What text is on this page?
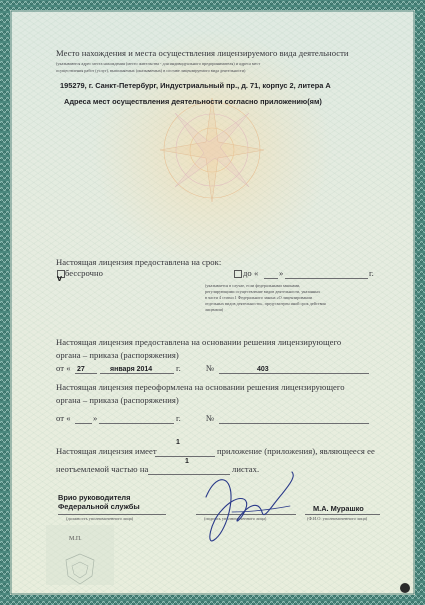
Место нахождения и места осуществления лицензируемого вида деятельности
(указываются адрес места нахождения (место жительства - для индивидуального предпринимателя) и адреса мест
осуществления работ (услуг), выполняемых (оказываемых) в составе лицензируемого вида деятельности)
195279, г. Санкт-Петербург, Индустриальный пр., д. 71, корпус 2, литера А
Адреса мест осуществления деятельности согласно приложению(ям)
Настоящая лицензия предоставлена на срок:
v бессрочно	до « »	г.
(указывается в случае, если федеральными законами,
регулирующими осуществление видов деятельности, указанных
в части 4 статьи 1 Федерального закона «О лицензировании
отдельных видов деятельности», предусмотрен иной срок действия
лицензии)
Настоящая лицензия предоставлена на основании решения лицензирующего
органа – приказа (распоряжения)
от « 27	января 2014	г.	№	403
Настоящая лицензия переоформлена на основании решения лицензирующего
органа – приказа (распоряжения)
от «	»	г.	№
Настоящая лицензия имеет
1
приложение (приложения), являющееся ее
неотъемлемой частью на
1
листах.
Врио руководителя
Федеральной службы
(должность уполномоченного лица)	(подпись уполномоченного лица)
М.А. Мурашко
(Ф.И.О. уполномоченного лица)
М.П.
